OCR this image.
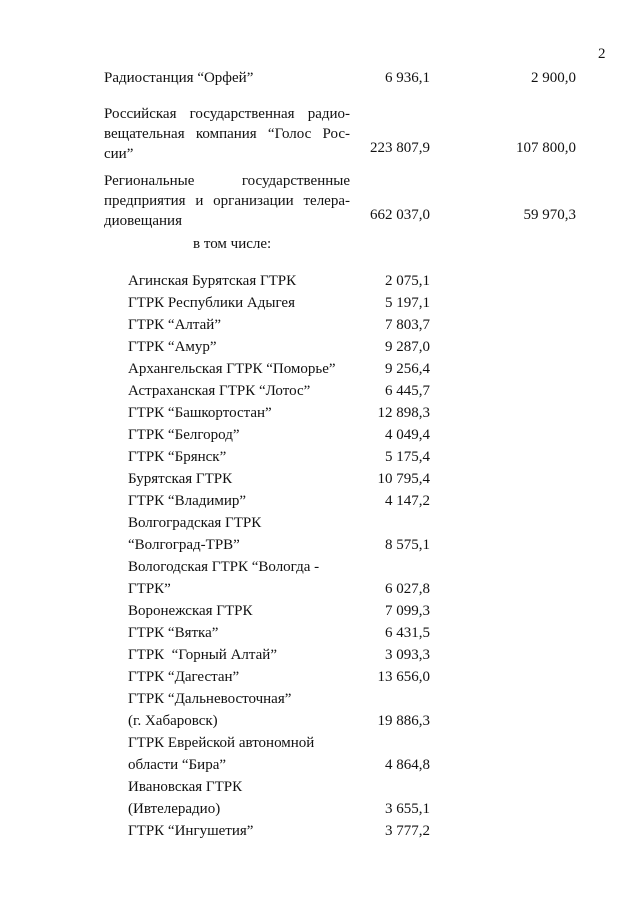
2
Радиостанция “Орфей”	6 936,1	2 900,0
Российская государственная радио-
вещательная компания “Голос Рос-
сии”	223 807,9	107 800,0
Региональные государственные
предприятия и организации телера-
диовещания	662 037,0	59 970,3
в том числе:
Агинская Бурятская ГТРК	2 075,1
ГТРК Республики Адыгея	5 197,1
ГТРК “Алтай”	7 803,7
ГТРК “Амур”	9 287,0
Архангельская ГТРК “Поморье”	9 256,4
Астраханская ГТРК “Лотос”	6 445,7
ГТРК “Башкортостан”	12 898,3
ГТРК “Белгород”	4 049,4
ГТРК “Брянск”	5 175,4
Бурятская ГТРК	10 795,4
ГТРК “Владимир”	4 147,2
Волгоградская ГТРК
“Волгоград-ТРВ”	8 575,1
Вологодская ГТРК “Вологда -
ГТРК”	6 027,8
Воронежская ГТРК	7 099,3
ГТРК “Вятка”	6 431,5
ГТРК  “Горный Алтай”	3 093,3
ГТРК “Дагестан”	13 656,0
ГТРК “Дальневосточная”
(г. Хабаровск)	19 886,3
ГТРК Еврейской автономной
области “Бира”	4 864,8
Ивановская ГТРК
(Ивтелерадио)	3 655,1
ГТРК “Ингушетия”	3 777,2
